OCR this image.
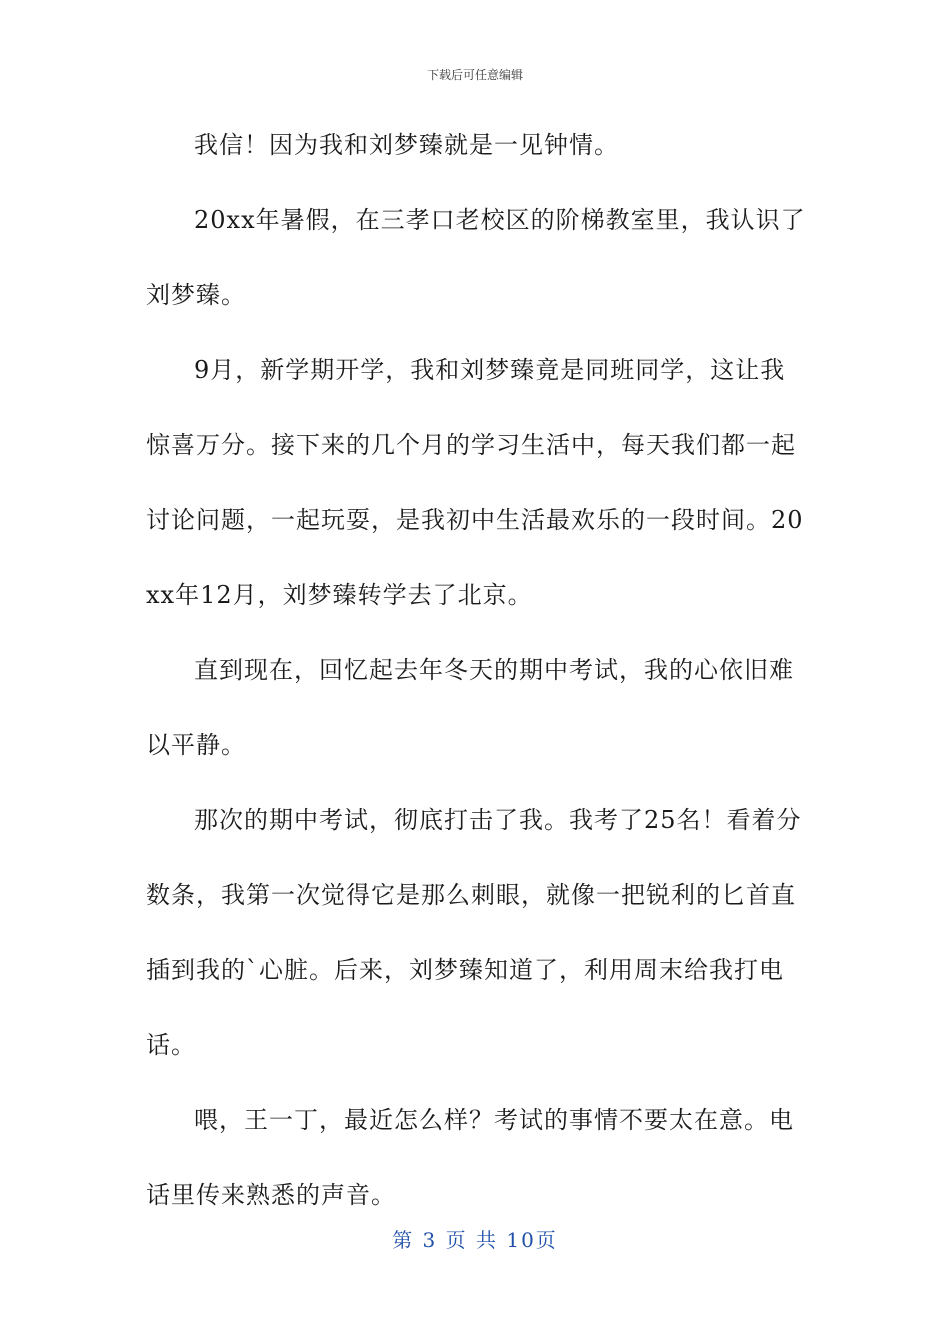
下载后可任意编辑

我信！因为我和刘梦臻就是一见钟情。

20xx年暑假，在三孝口老校区的阶梯教室里，我认识了刘梦臻。

9月，新学期开学，我和刘梦臻竟是同班同学，这让我惊喜万分。接下来的几个月的学习生活中，每天我们都一起讨论问题，一起玩耍，是我初中生活最欢乐的一段时间。20xx年12月，刘梦臻转学去了北京。

直到现在，回忆起去年冬天的期中考试，我的心依旧难以平静。

那次的期中考试，彻底打击了我。我考了25名！看着分数条，我第一次觉得它是那么刺眼，就像一把锐利的匕首直插到我的`心脏。后来，刘梦臻知道了，利用周末给我打电话。

喂，王一丁，最近怎么样？考试的事情不要太在意。电话里传来熟悉的声音。

第 3 页 共 10页
